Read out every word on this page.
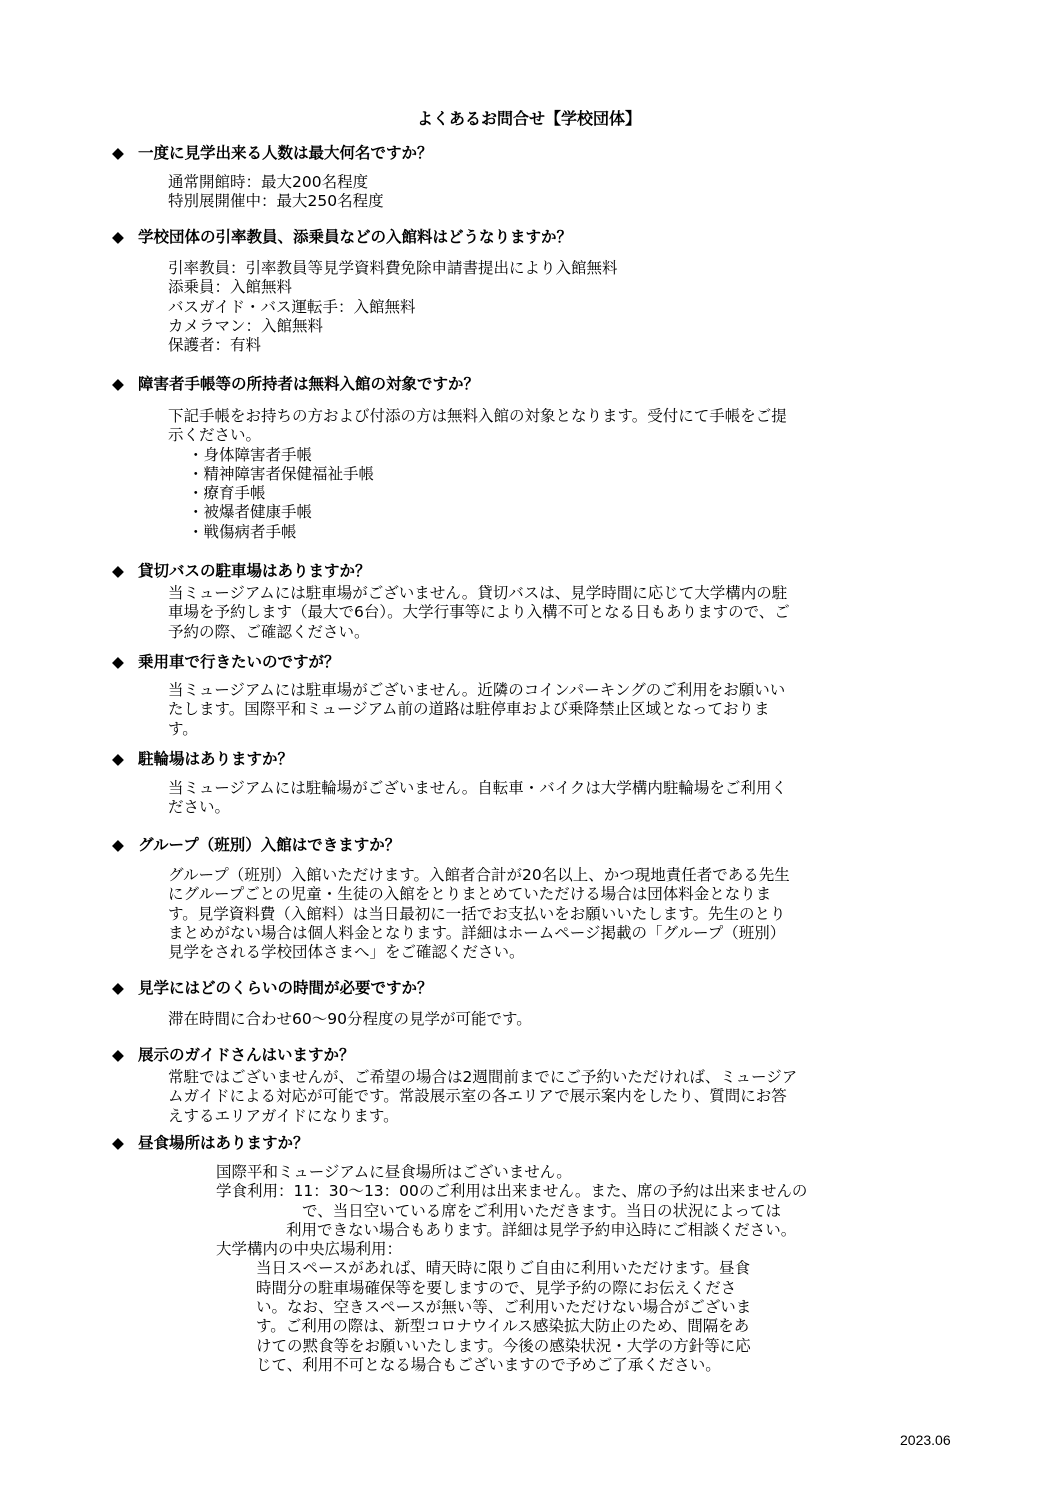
よくあるお問合せ【学校団体】
◆ 一度に見学出来る人数は最大何名ですか？
通常開館時：最大200名程度
特別展開催中：最大250名程度
◆ 学校団体の引率教員、添乗員などの入館料はどうなりますか？
引率教員：引率教員等見学資料費免除申請書提出により入館無料
添乗員：入館無料
バスガイド・バス運転手：入館無料
カメラマン：入館無料
保護者：有料
◆ 障害者手帳等の所持者は無料入館の対象ですか？
下記手帳をお持ちの方および付添の方は無料入館の対象となります。受付にて手帳をご提
示ください。
・身体障害者手帳
・精神障害者保健福祉手帳
・療育手帳
・被爆者健康手帳
・戦傷病者手帳
◆ 貸切バスの駐車場はありますか？
当ミュージアムには駐車場がございません。貸切バスは、見学時間に応じて大学構内の駐
車場を予約します（最大で6台）。大学行事等により入構不可となる日もありますので、ご
予約の際、ご確認ください。
◆ 乗用車で行きたいのですが？
当ミュージアムには駐車場がございません。近隣のコインパーキングのご利用をお願いい
たします。国際平和ミュージアム前の道路は駐停車および乗降禁止区域となっておりま
す。
◆ 駐輪場はありますか？
当ミュージアムには駐輪場がございません。自転車・バイクは大学構内駐輪場をご利用く
ださい。
◆ グループ（班別）入館はできますか？
グループ（班別）入館いただけます。入館者合計が20名以上、かつ現地責任者である先生
にグループごとの児童・生徒の入館をとりまとめていただける場合は団体料金となりま
す。見学資料費（入館料）は当日最初に一括でお支払いをお願いいたします。先生のとり
まとめがない場合は個人料金となります。詳細はホームページ掲載の「グループ（班別）
見学をされる学校団体さまへ」をご確認ください。
◆ 見学にはどのくらいの時間が必要ですか？
滞在時間に合わせ60～90分程度の見学が可能です。
◆ 展示のガイドさんはいますか？
常駐ではございませんが、ご希望の場合は2週間前までにご予約いただければ、ミュージア
ムガイドによる対応が可能です。常設展示室の各エリアで展示案内をしたり、質問にお答
えするエリアガイドになります。
◆ 昼食場所はありますか？
国際平和ミュージアムに昼食場所はございません。
学食利用：11：30～13：00のご利用は出来ません。また、席の予約は出来ませんの
で、当日空いている席をご利用いただきます。当日の状況によっては
利用できない場合もあります。詳細は見学予約申込時にご相談ください。
大学構内の中央広場利用：
当日スペースがあれば、晴天時に限りご自由に利用いただけます。昼食
時間分の駐車場確保等を要しますので、見学予約の際にお伝えくださ
い。なお、空きスペースが無い等、ご利用いただけない場合がございま
す。ご利用の際は、新型コロナウイルス感染拡大防止のため、間隔をあ
けての黙食等をお願いいたします。今後の感染状況・大学の方針等に応
じて、利用不可となる場合もございますので予めご了承ください。
2023.06
